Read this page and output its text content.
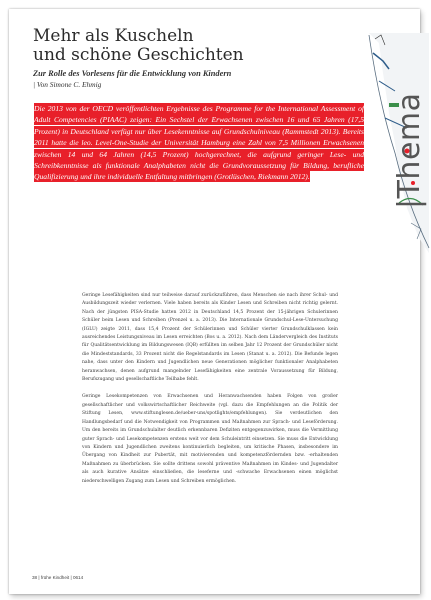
Mehr als Kuscheln
und schöne Geschichten
Zur Rolle des Vorlesens für die Entwicklung von Kindern
| Von Simone C. Ehmig

Die 2013 von der OECD veröffentlichten Ergebnisse des Programme for the International Assessment of Adult Competencies (PIAAC) zeigen: Ein Sechstel der Erwachsenen zwischen 16 und 65 Jahren (17,5 Prozent) in Deutschland verfügt nur über Lesekenntnisse auf Grundschulniveau (Rammstedt 2013). Bereits 2011 hatte die leo. Level-One-Studie der Universität Hamburg eine Zahl von 7,5 Millionen Erwachsenen zwischen 14 und 64 Jahren (14,5 Prozent) hochgerechnet, die aufgrund geringer Lese- und Schreibkenntnisse als funktionale Analphabeten nicht die Grundvoraussetzung für Bildung, berufliche Qualifizierung und ihre individuelle Entfaltung mitbringen (Grotlüschen, Riekmann 2012).	|Thema

Geringe Lesefähigkeiten sind nur teilweise darauf zurückzuführen, dass Menschen sie nach ihrer Schul- und Ausbildungszeit wieder verlernen. Viele haben bereits als Kinder Lesen und Schreiben nicht richtig gelernt. Nach der jüngsten PISA-Studie hatten 2012 in Deutschland 14,5 Prozent der 15-jährigen Schulerinnen Schüler beim Lesen und Schreiben (Prenzel u. a. 2013). Die Internationale Grundschul-Lese-Untersuchung (IGLU) zeigte 2011, dass 15,4 Prozent der Schülerinnen und Schüler vierter Grundschulklassen kein ausreichendes Leistungsniveau im Lesen erreichten (Bos u. a. 2012). Nach dem Ländervergleich des Instituts für Qualitätsentwicklung im Bildungswesen (IQB) erfüllten im selben Jahr 12 Prozent der Grundschüler nicht die Mindeststandards, 33 Prozent nicht die Regelstandards im Lesen (Stanat u. a. 2012). Die Befunde legen nahe, dass unter den Kindern und Jugendlichen neue Generationen möglicher funktionaler Analphabeten heranwachsen, denen aufgrund mangelnder Lesefähigkeiten eine zentrale Voraussetzung für Bildung, Berufszugang und gesellschaftliche Teilhabe fehlt.

Geringe Lesekompetenzen von Erwachsenen und Heranwachsenden haben Folgen von großer gesellschaftlicher und volkswirtschaftlicher Reichweite (vgl. dazu die Empfehlungen an die Politik der Stiftung Lesen, www.stiftunglesen.de/ueber-uns/spotlights/empfehlungen). Sie verdeutlichen den Handlungsbedarf und die Notwendigkeit von Programmen und Maßnahmen zur Sprach- und Leseförderung. Um den bereits im Grundschulalter deutlich erkennbaren Defiziten entgegenzuwirken, muss die Vermittlung guter Sprach- und Lesekompetenzen erstens weit vor dem Schuleintritt einsetzen. Sie muss die Entwicklung von Kindern und Jugendlichen zweitens kontinuierlich begleiten, um kritische Phasen, insbesondere im Übergang von Kindheit zur Pubertät, mit motivierenden und kompetenzfördernden bzw. -erhaltenden Maßnahmen zu überbrücken. Sie sollte drittens sowohl präventive Maßnahmen im Kindes- und Jugendalter als auch kurative Ansätze einschließen, die leseferne und -schwache Erwachsenen einen möglichst niederschwelligen Zugang zum Lesen und Schreiben ermöglichen.

38 | frühe Kindheit | 0614
